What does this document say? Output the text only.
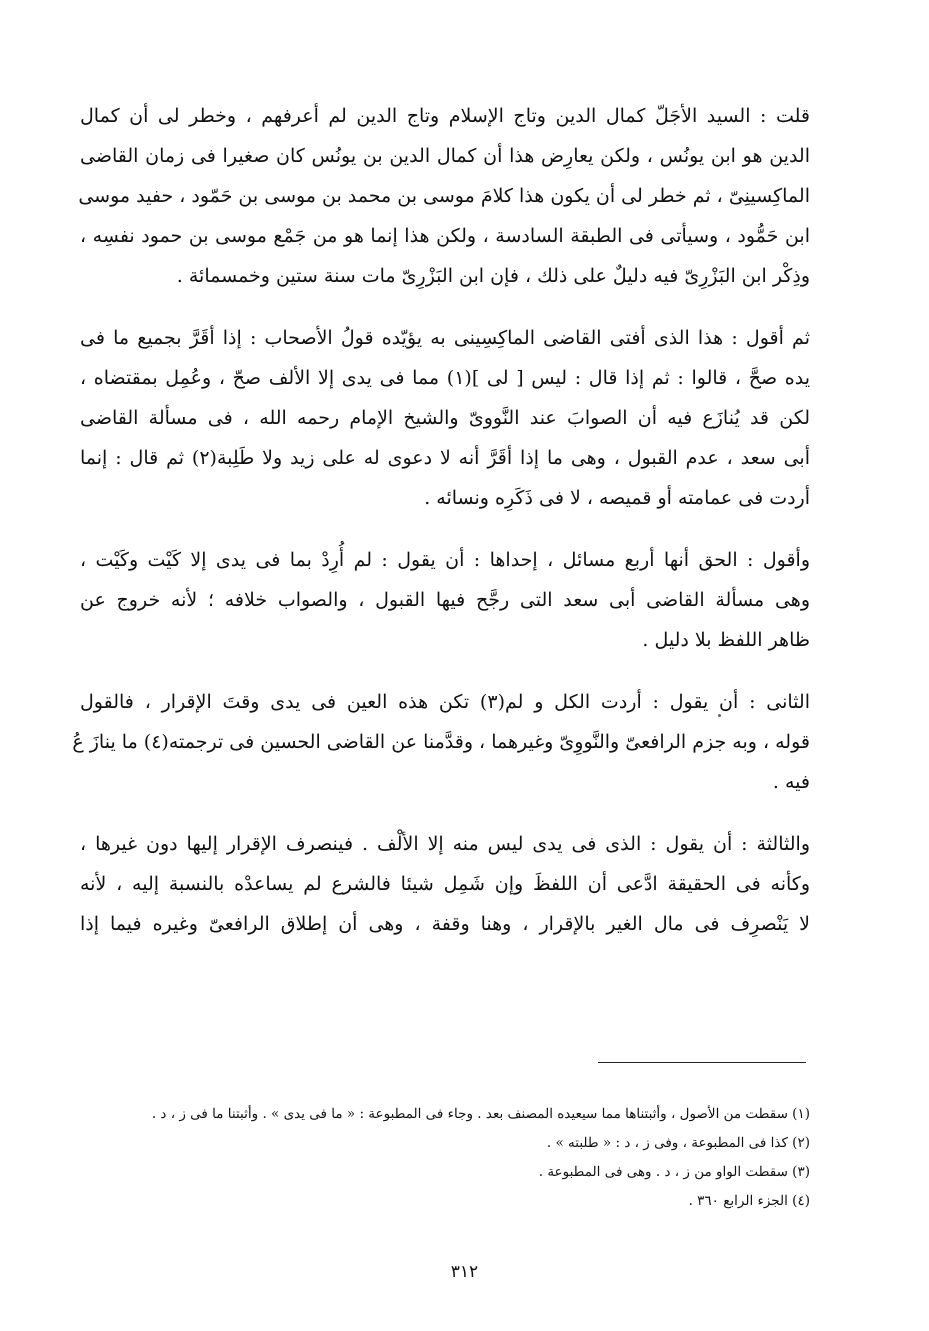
قلت : السيد الأجَلّ كمال الدين وتاج الإسلام وتاج الدين لم أعرفهم ، وخطر لى أن كمال
الدين هو ابن يونُس ، ولكن يعارِض هذا أن كمال الدين بن يونُس كان صغيرا فى زمان القاضى
الماكِسينِىّ ، ثم خطر لى أن يكون هذا كلامَ موسى بن محمد بن موسى بن حَمّود ، حفيد موسى
ابن حَمُّود ، وسيأتى فى الطبقة السادسة ، ولكن هذا إنما هو من جَمْع موسى بن حمود نفسِه ،
وذِكْر ابن البَزْرِىّ فيه دليلٌ على ذلك ، فإن ابن البَزْرِىّ مات سنة ستين وخمسمائة .

ثم أقول : هذا الذى أفتى القاضى الماكِسِينى به يؤيّده قولُ الأصحاب : إذا أقَرَّ بجميع ما فى
يده صحَّ ، قالوا : ثم إذا قال : ليس [ لى ](١) مما فى يدى إلا الألف صحّ ، وعُمِل بمقتضاه ،
لكن قد يُنازَع فيه أن الصوابَ عند النَّووىّ والشيخ الإمام رحمه الله ، فى مسألة القاضى
أبى سعد ، عدم القبول ، وهى ما إذا أقَرَّ أنه لا دعوى له على زيد ولا طَلِبة(٢) ثم قال : إنما
أردت فى عمامته أو قميصه ، لا فى ذَكَرِه ونسائه .

وأقول : الحق أنها أربع مسائل ، إحداها : أن يقول : لم أُرِدْ بما فى يدى إلا كَيْت وكَيْت ،
وهى مسألة القاضى أبى سعد التى رجَّح فيها القبول ، والصواب خلافه ؛ لأنه خروج عن
ظاهر اللفظ بلا دليل .

الثانى : أن يقول : أردت الكل و لم(٣) تكن هذه العين فى يدى وقتَ الإقرار ، فالقول
قوله ، وبه جزم الرافعىّ والنَّووِىّ وغيرهما ، وقدَّمنا عن القاضى الحسين فى ترجمته(٤) ما ينازَ عُ
فيه .

والثالثة : أن يقول : الذى فى يدى ليس منه إلا الألْف . فينصرف الإقرار إليها دون غيرها ،
وكأنه فى الحقيقة ادَّعى أن اللفظَ وإن شَمِل شيئا فالشرع لم يساعدْه بالنسبة إليه ، لأنه
لا يَنْصرِف فى مال الغير بالإقرار ، وهنا وقفة ، وهى أن إطلاق الرافعىّ وغيره فيما إذا

(١) سقطت من الأصول ، وأثبتناها مما سيعيده المصنف بعد . وجاء فى المطبوعة : « ما فى يدى » . وأثبتنا ما فى ز ، د .
(٢) كذا فى المطبوعة ، وفى ز ، د : « طلبته » .
(٣) سقطت الواو من ز ، د . وهى فى المطبوعة .
(٤) الجزء الرابع ٣٦٠ .
٣١٢
